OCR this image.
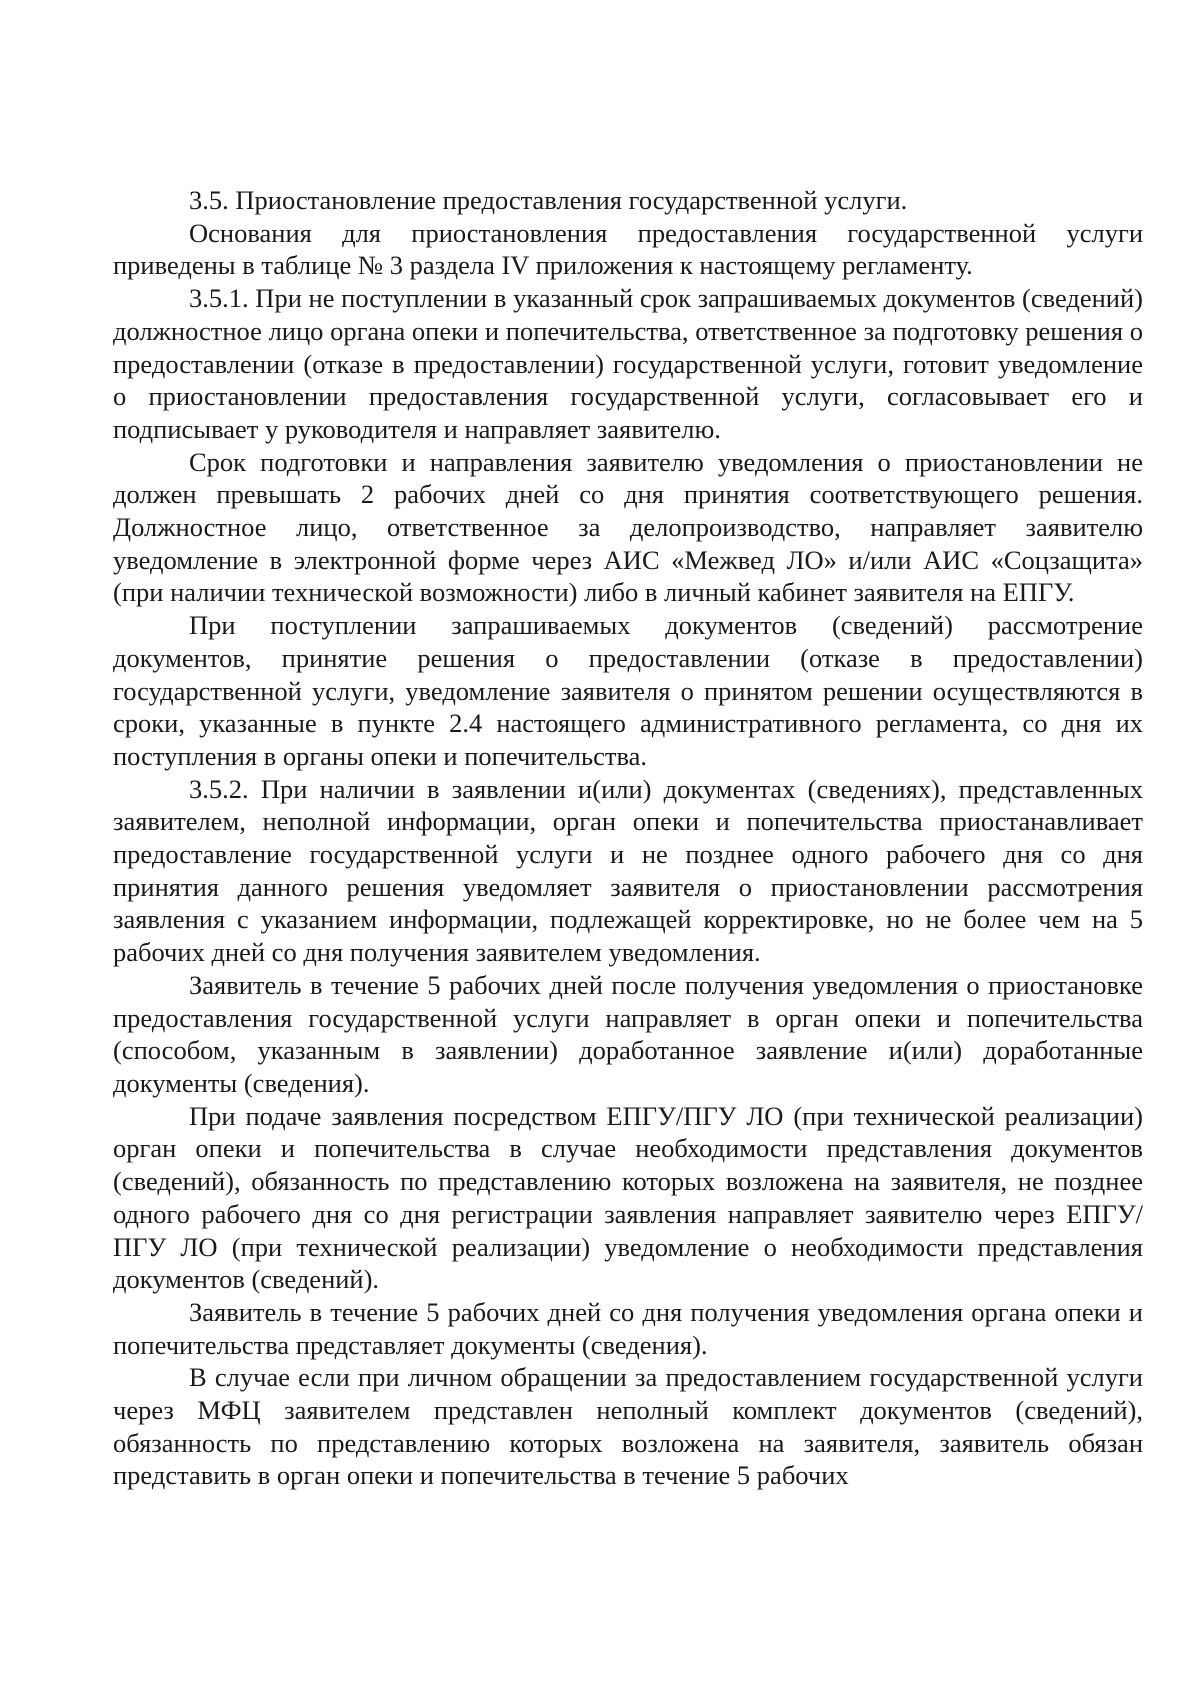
3.5. Приостановление предоставления государственной услуги.

Основания для приостановления предоставления государственной услуги приведены в таблице № 3 раздела IV приложения к настоящему регламенту.

3.5.1. При не поступлении в указанный срок запрашиваемых документов (сведений) должностное лицо органа опеки и попечительства, ответственное за подготовку решения о предоставлении (отказе в предоставлении) государственной услуги, готовит уведомление о приостановлении предоставления государственной услуги, согласовывает его и подписывает у руководителя и направляет заявителю.

Срок подготовки и направления заявителю уведомления о приостановлении не должен превышать 2 рабочих дней со дня принятия соответствующего решения. Должностное лицо, ответственное за делопроизводство, направляет заявителю уведомление в электронной форме через АИС «Межвед ЛО» и/или АИС «Соцзащита» (при наличии технической возможности) либо в личный кабинет заявителя на ЕПГУ.

При поступлении запрашиваемых документов (сведений) рассмотрение документов, принятие решения о предоставлении (отказе в предоставлении) государственной услуги, уведомление заявителя о принятом решении осуществляются в сроки, указанные в пункте 2.4 настоящего административного регламента, со дня их поступления в органы опеки и попечительства.

3.5.2. При наличии в заявлении и(или) документах (сведениях), представленных заявителем, неполной информации, орган опеки и попечительства приостанавливает предоставление государственной услуги и не позднее одного рабочего дня со дня принятия данного решения уведомляет заявителя о приостановлении рассмотрения заявления с указанием информации, подлежащей корректировке, но не более чем на 5 рабочих дней со дня получения заявителем уведомления.

Заявитель в течение 5 рабочих дней после получения уведомления о приостановке предоставления государственной услуги направляет в орган опеки и попечительства (способом, указанным в заявлении) доработанное заявление и(или) доработанные документы (сведения).

При подаче заявления посредством ЕПГУ/ПГУ ЛО (при технической реализации) орган опеки и попечительства в случае необходимости представления документов (сведений), обязанность по представлению которых возложена на заявителя, не позднее одного рабочего дня со дня регистрации заявления направляет заявителю через ЕПГУ/ПГУ ЛО (при технической реализации) уведомление о необходимости представления документов (сведений).

Заявитель в течение 5 рабочих дней со дня получения уведомления органа опеки и попечительства представляет документы (сведения).

В случае если при личном обращении за предоставлением государственной услуги через МФЦ заявителем представлен неполный комплект документов (сведений), обязанность по представлению которых возложена на заявителя, заявитель обязан представить в орган опеки и попечительства в течение 5 рабочих
